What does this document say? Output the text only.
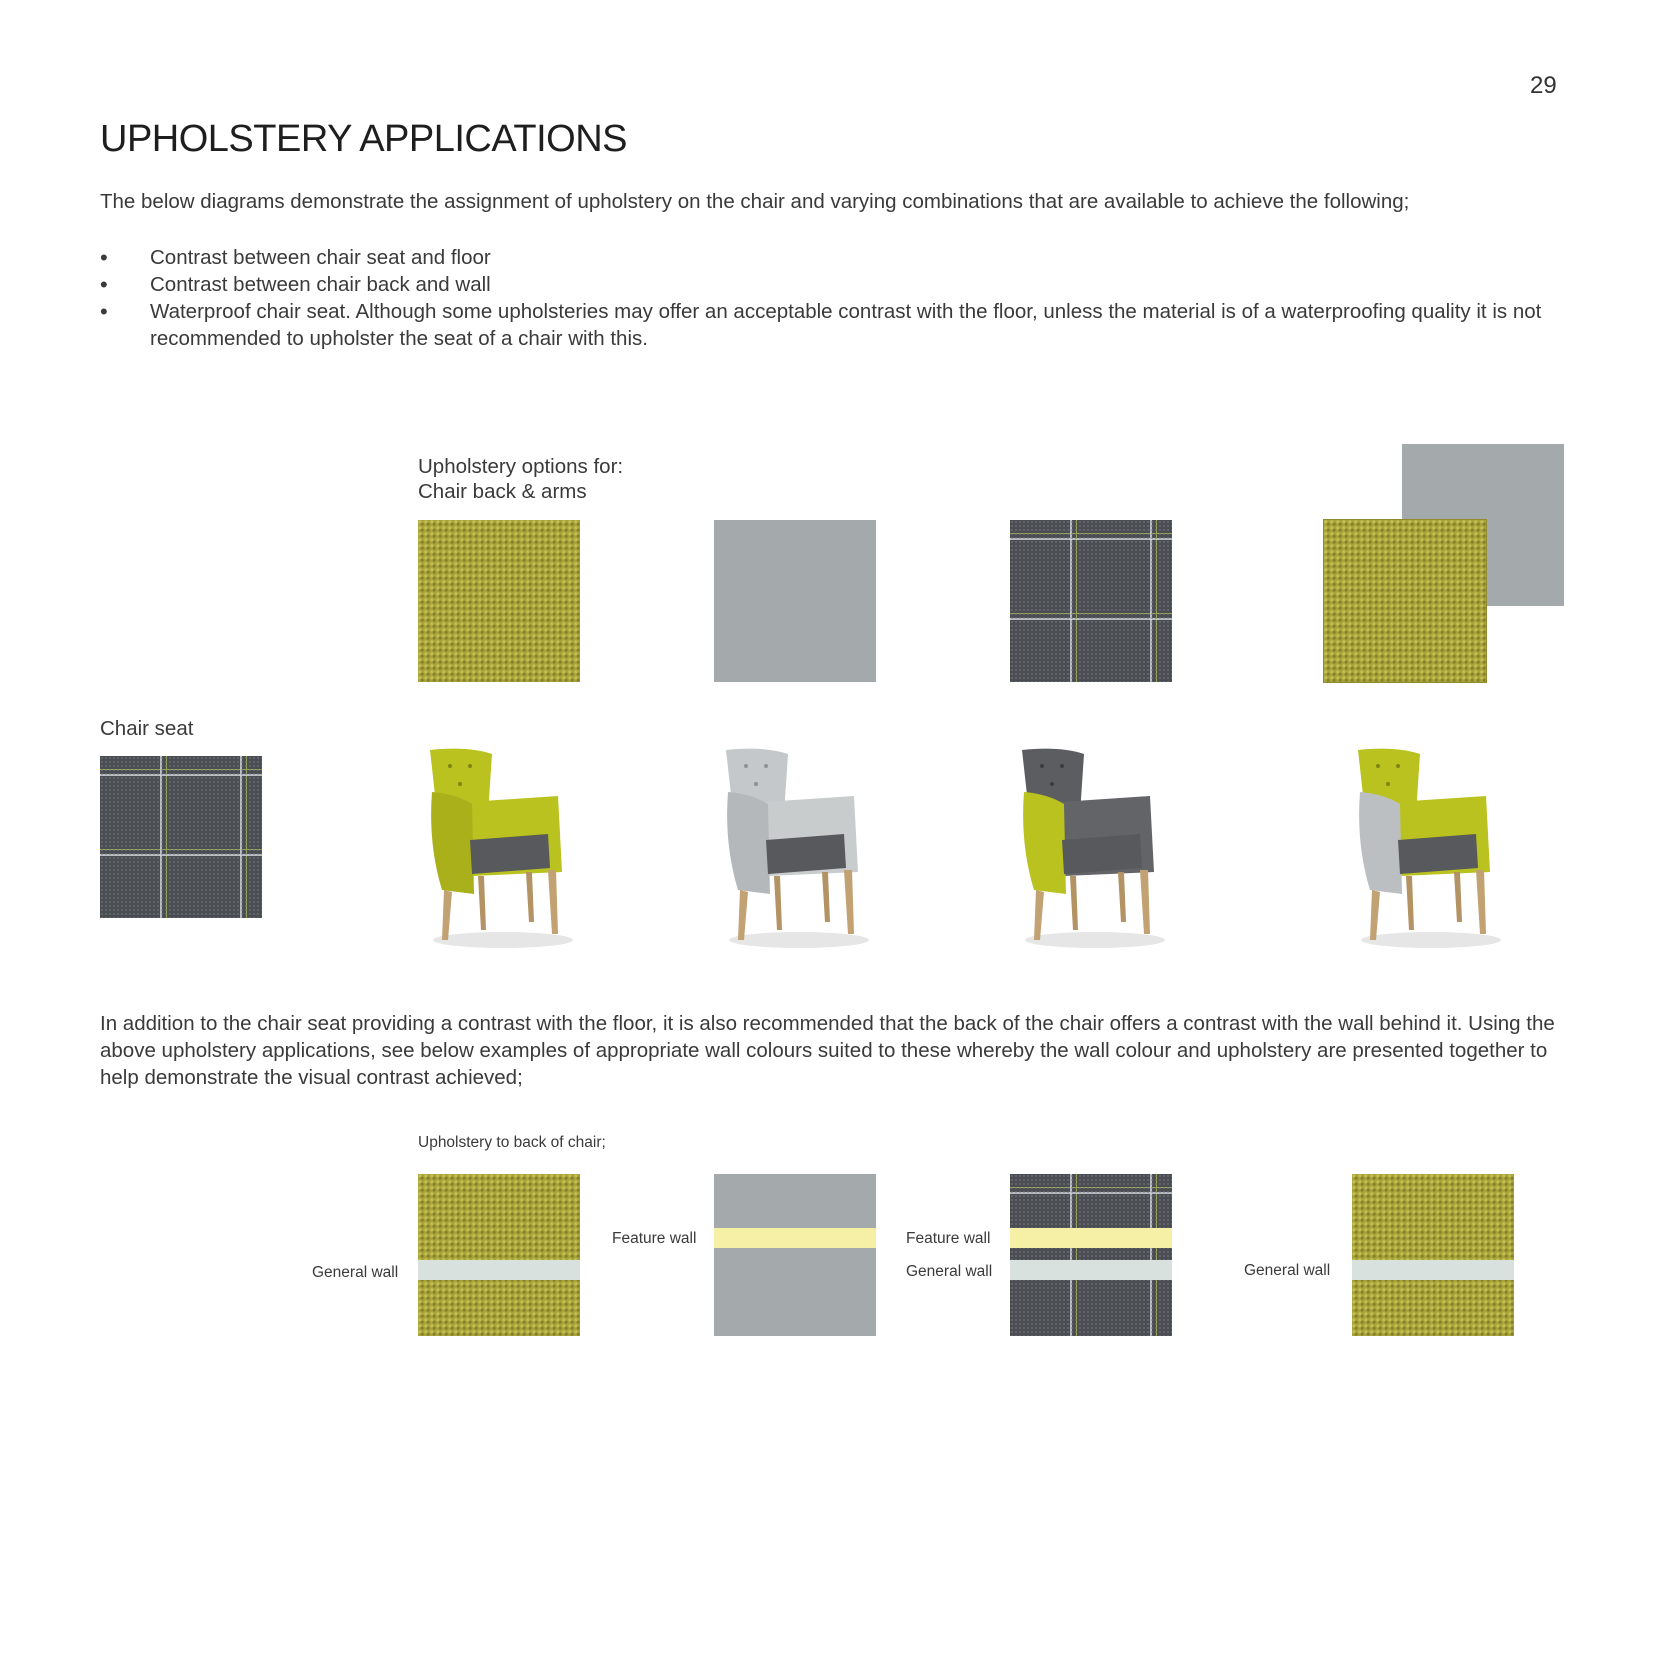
29
UPHOLSTERY APPLICATIONS

The below diagrams demonstrate the assignment of upholstery on the chair and varying combinations that are available to achieve the following;

• Contrast between chair seat and floor
• Contrast between chair back and wall
• Waterproof chair seat. Although some upholsteries may offer an acceptable contrast with the floor, unless the material is of a waterproofing quality it is not recommended to upholster the seat of a chair with this.
Upholstery options for:
Chair back & arms
Chair seat

In addition to the chair seat providing a contrast with the floor, it is also recommended that the back of the chair offers a contrast with the wall behind it. Using the above upholstery applications, see below examples of appropriate wall colours suited to these whereby the wall colour and upholstery are presented together to help demonstrate the visual contrast achieved;

Upholstery to back of chair;
General wall
Feature wall	Feature wall
General wall	General wall
